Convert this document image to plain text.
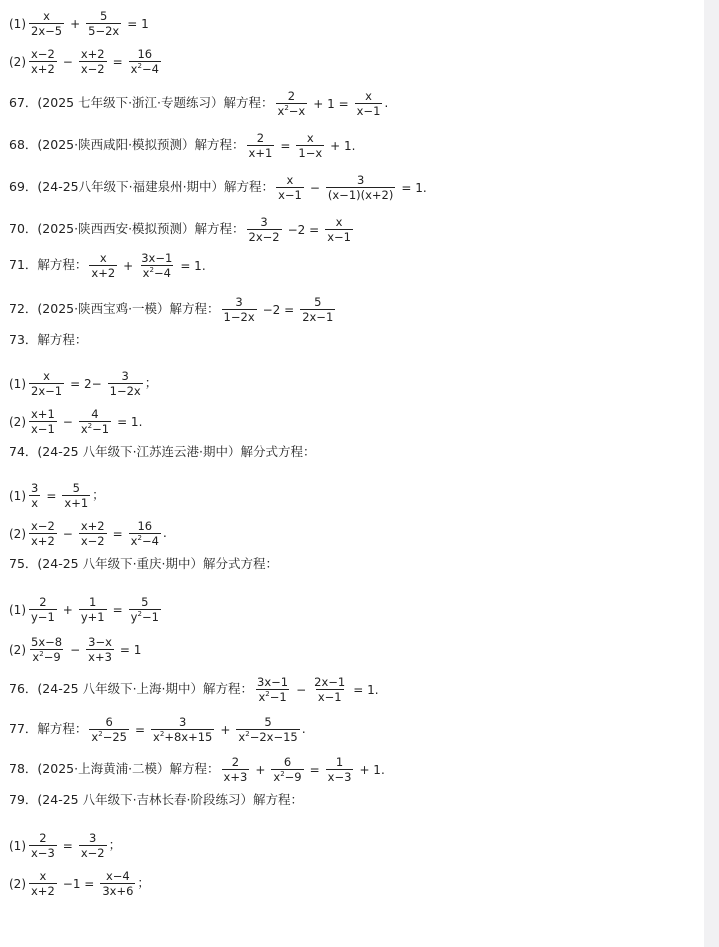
$(1) \frac{x}{2x-5} + \frac{5}{5-2x} = 1$
$(2) \frac{x-2}{x+2} - \frac{x+2}{x-2} = \frac{16}{x^2-4}$
67．(2025 七年级下·浙江·专题练习）解方程： $\frac{2}{x^2-x} + 1 = \frac{x}{x-1}$ .
68．(2025·陕西咸阳·模拟预测）解方程： $\frac{2}{x+1} = \frac{x}{1-x} + 1$.
69．(24-25八年级下·福建泉州·期中）解方程： $\frac{x}{x-1} - \frac{3}{(x-1)(x+2)} = 1$.
70．(2025·陕西西安·模拟预测）解方程： $\frac{3}{2x-2} -2 = \frac{x}{x-1}$
71．解方程： $\frac{x}{x+2} + \frac{3x-1}{x^2-4} = 1$.
72．(2025·陕西宝鸡·一模）解方程： $\frac{3}{1-2x} -2 = \frac{5}{2x-1}$
73．解方程：
$(1) \frac{x}{2x-1} = 2- \frac{3}{1-2x}$ ；
$(2) \frac{x+1}{x-1} - \frac{4}{x^2-1} = 1$.
74．(24-25 八年级下·江苏连云港·期中）解分式方程：
$(1) \frac{3}{x} = \frac{5}{x+1}$ ；
$(2) \frac{x-2}{x+2} - \frac{x+2}{x-2} = \frac{16}{x^2-4}$ .
75．(24-25 八年级下·重庆·期中）解分式方程：
$(1) \frac{2}{y-1} + \frac{1}{y+1} = \frac{5}{y^2-1}$
$(2) \frac{5x-8}{x^2-9} - \frac{3-x}{x+3} = 1$
76．(24-25 八年级下·上海·期中）解方程： $\frac{3x-1}{x^2-1} - \frac{2x-1}{x-1} = 1$.
77．解方程： $\frac{6}{x^2-25} = \frac{3}{x^2+8x+15} + \frac{5}{x^2-2x-15}$ .
78．(2025·上海黄浦·二模）解方程： $\frac{2}{x+3} + \frac{6}{x^2-9} = \frac{1}{x-3} + 1$.
79．(24-25 八年级下·吉林长春·阶段练习）解方程：
$(1) \frac{2}{x-3} = \frac{3}{x-2}$ ；
$(2) \frac{x}{x+2} -1 = \frac{x-4}{3x+6}$ ；
